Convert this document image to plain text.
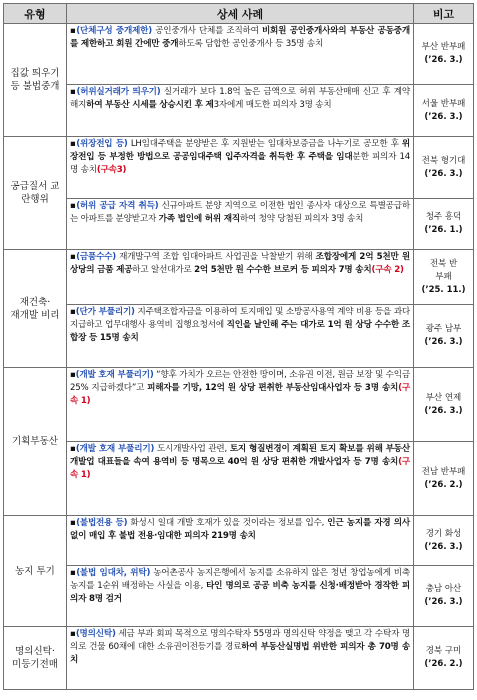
유형	상세 사례	비고

집값 띄우기
등 불법중개	▪(단체구성 중개제한) 공인중개사 단체를 조직하여 비회원 공인중개사와의 부동산 공동중개를 제한하고 회원 간에만 중개하도록 담합한 공인중개사 등 35명 송치	부산 반부패
(’26. 3.)

	▪(허위실거래가 띄우기) 실거래가 보다 1.8억 높은 금액으로 허위 부동산매매 신고 후 계약 해지하여 부동산 시세를 상승시킨 후 제3자에게 매도한 피의자 3명 송치	서울 반부패
(’26. 3.)

공급질서 교
란행위	▪(위장전입 등) LH임대주택을 분양받은 후 지원받는 임대차보증금을 나누기로 공모한 후 위장전입 등 부정한 방법으로 공공임대주택 입주자격을 취득한 후 주택을 임대분한 피의자 14명 송치(구속3)	전북 형기대
(’26. 3.)

	▪(허위 공급 자격 취득) 신규아파트 분양 지역으로 이전한 법인 종사자 대상으로 특별공급하는 아파트를 분양받고자 가족 법인에 허위 재직하여 청약 당첨된 피의자 3명 송치	청주 흥덕
(’26. 1.)

재건축·
재개발 비리	▪(금품수수) 재개발구역 조합 임대아파트 사업권을 낙찰받기 위해 조합장에게 2억 5천만 원 상당의 금품 제공하고 알선대가로 2억 5천만 원 수수한 브로커 등 피의자 7명 송치(구속 2)	전북 반부패
(’25. 11.)

	▪(단가 부풀리기) 지주택조합자금을 이용하여 토지매입 및 소방공사용역 계약 비용 등을 과다 지급하고 업무대행사 용역비 집행요청서에 직인을 날인해 주는 대가로 1억 원 상당 수수한 조합장 등 15명 송치	광주 남부
(’26. 3.)

기획부동산	▪(개발 호재 부풀리기) “향후 가치가 오르는 안전한 땅이며, 소유권 이전, 원금 보장 및 수익금 25% 지급하겠다”고 피해자를 기망, 12억 원 상당 편취한 부동산임대사업자 등 3명 송치(구속 1)	부산 연제
(’26. 3.)

	▪(개발 호재 부풀리기) 도시개발사업 관련, 토지 형질변경이 계획된 토지 확보를 위해 부동산개발업 대표들을 속여 용역비 등 명목으로 40억 원 상당 편취한 개발사업자 등 7명 송치(구속 1)	전남 반부패
(’26. 2.)

농지 투기	▪(불법전용 등) 화성시 일대 개발 호재가 있을 것이라는 정보를 입수, 인근 농지를 자경 의사 없이 매입 후 불법 전용·임대한 피의자 219명 송치	경기 화성
(’26. 3.)

	▪(불법 임대차, 위탁) 농어촌공사 농지은행에서 농지를 소유하지 않은 청년 창업농에게 비축 농지를 1순위 배정하는 사실을 이용, 타인 명의로 공공 비축 농지를 신청·배정받아 경작한 피의자 8명 검거	충남 아산
(’26. 3.)

명의신탁·
미등기전매	▪(명의신탁) 세금 부과 회피 목적으로 명의수탁자 55명과 명의신탁 약정을 맺고 각 수탁자 명의로 건물 60채에 대한 소유권이전등기를 경료하여 부동산실명법 위반한 피의자 총 70명 송치	경북 구미
(’26. 2.)
